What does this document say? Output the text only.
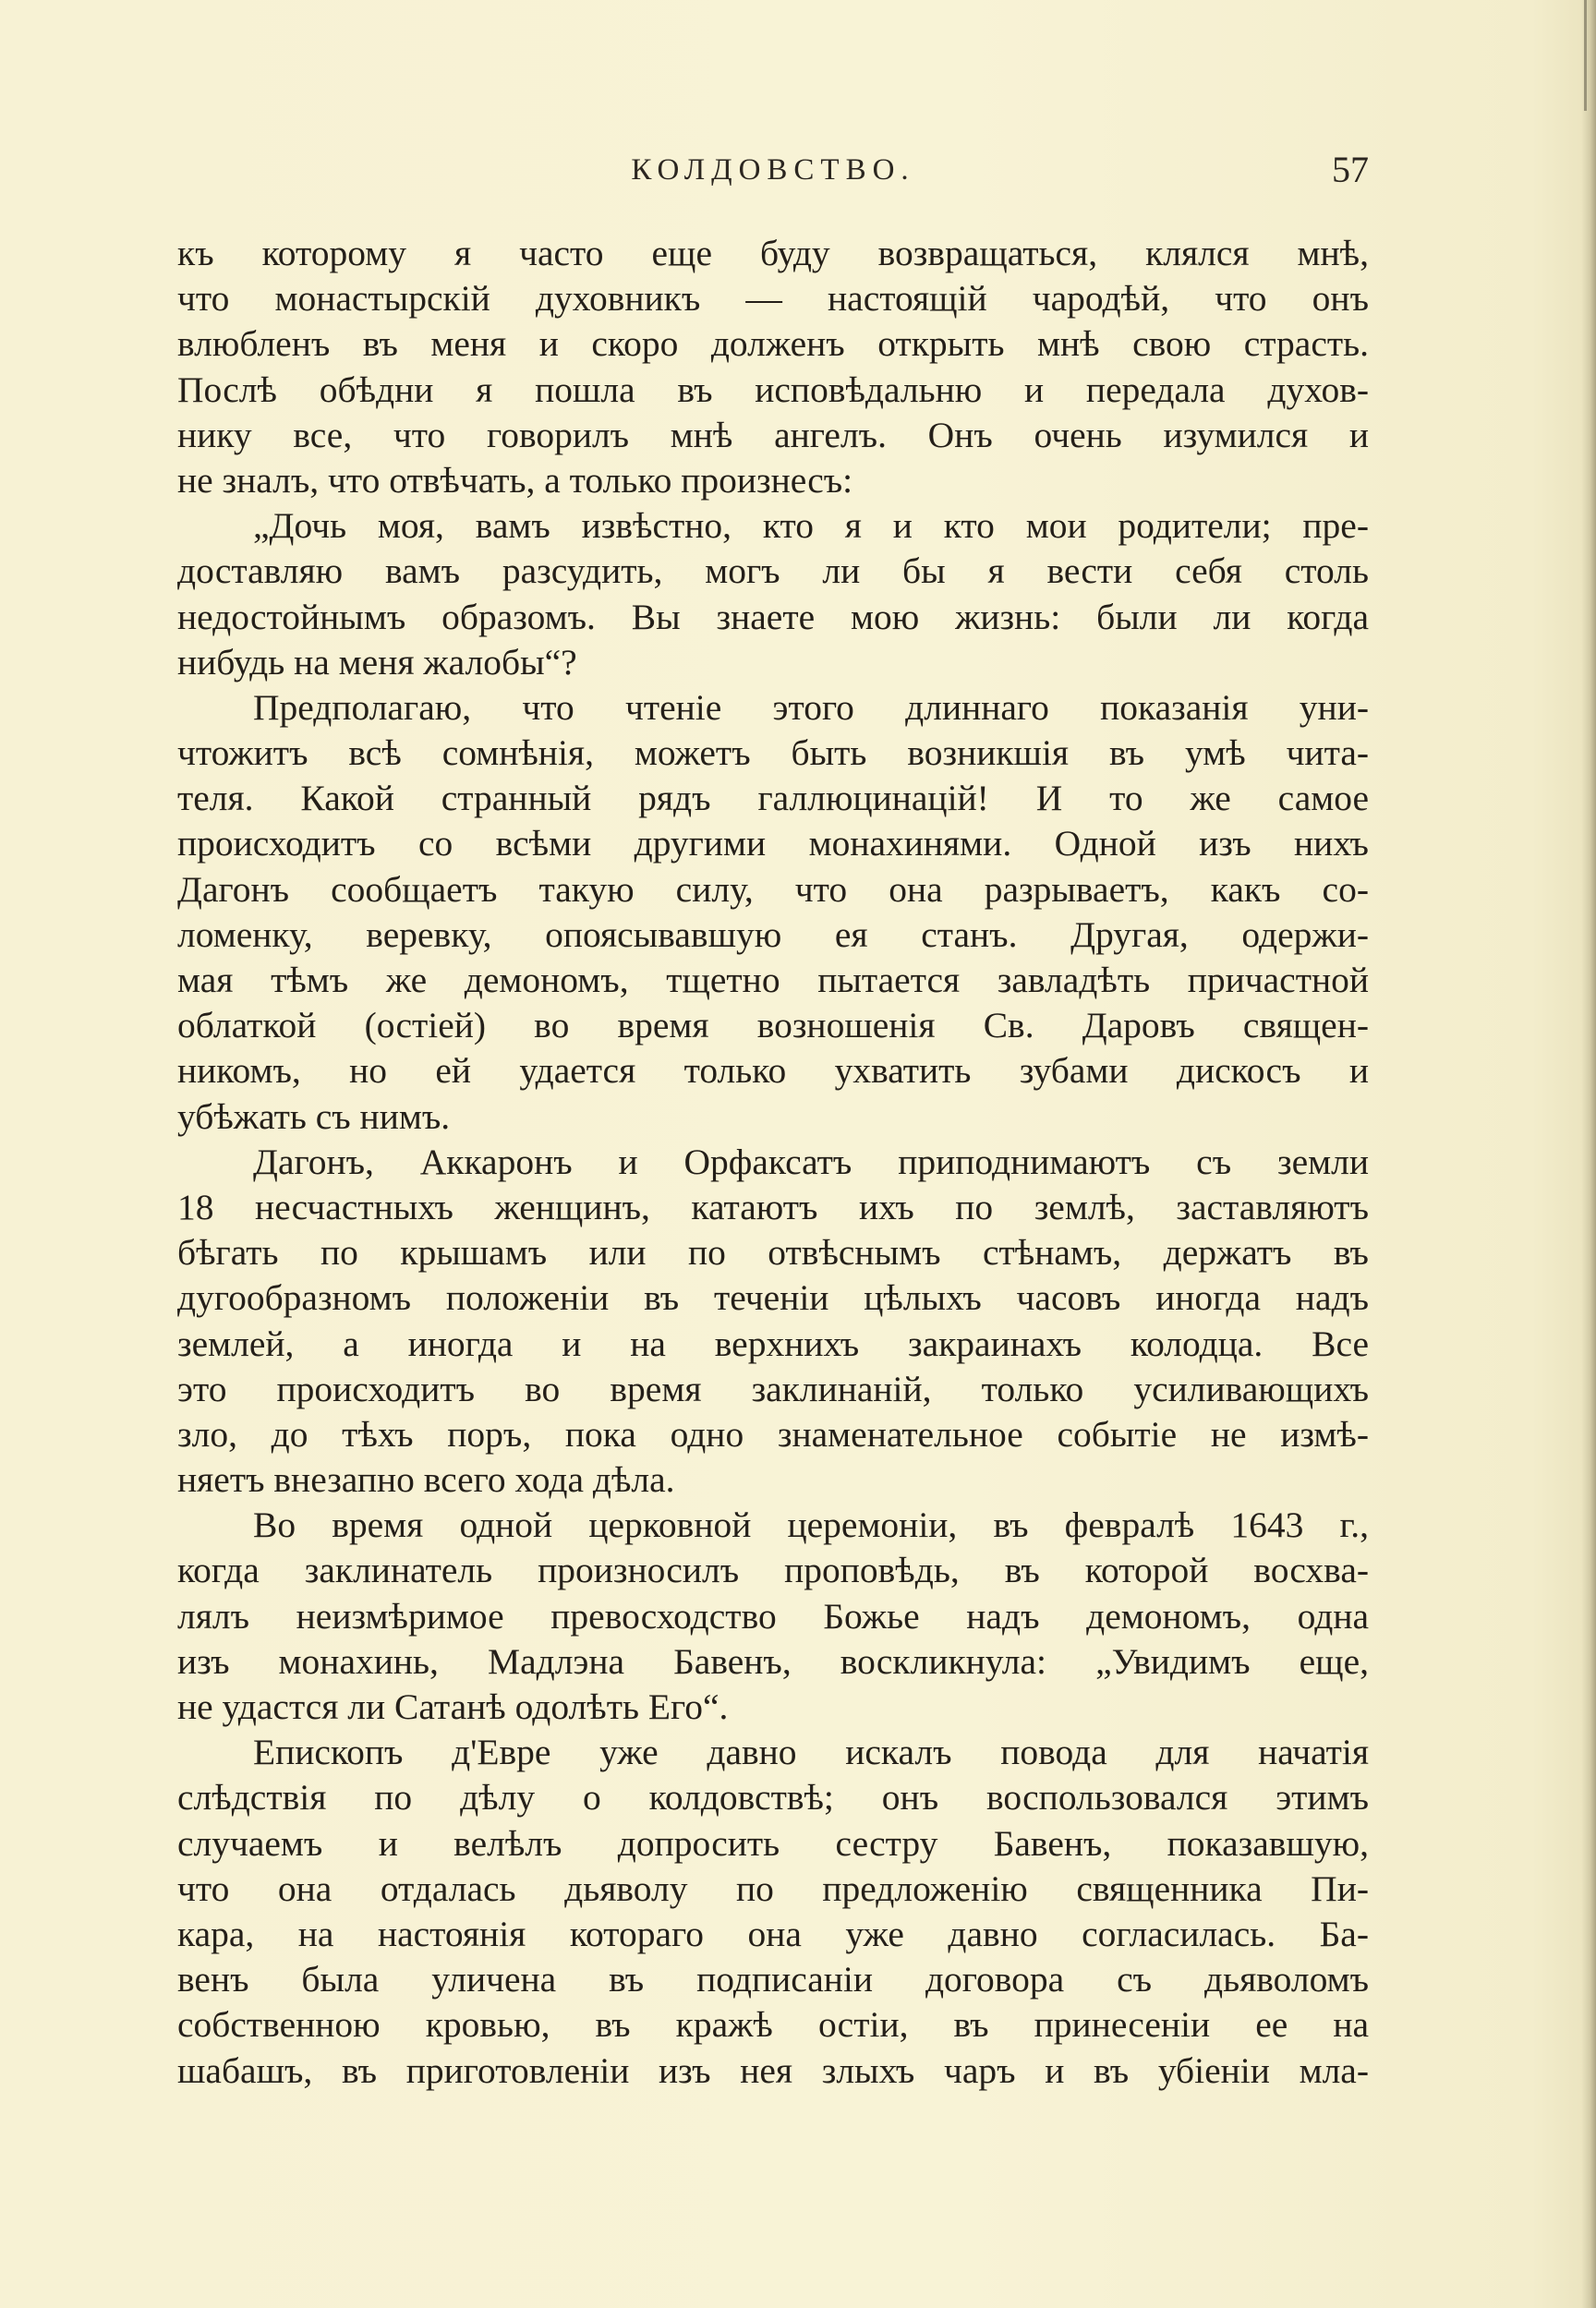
КОЛДОВСТВО.	57
къ которому я часто еще буду возвращаться, клялся мнѣ,
что монастырскій духовникъ — настоящій чародѣй, что онъ
влюбленъ въ меня и скоро долженъ открыть мнѣ свою страсть.
Послѣ обѣдни я пошла въ исповѣдальню и передала духов-
нику все, что говорилъ мнѣ ангелъ. Онъ очень изумился и
не зналъ, что отвѣчать, а только произнесъ:
„Дочь моя, вамъ извѣстно, кто я и кто мои родители; пре-
доставляю вамъ разсудить, могъ ли бы я вести себя столь
недостойнымъ образомъ. Вы знаете мою жизнь: были ли когда
нибудь на меня жалобы“?
Предполагаю, что чтеніе этого длиннаго показанія уни-
чтожитъ всѣ сомнѣнія, можетъ быть возникшія въ умѣ чита-
теля. Какой странный рядъ галлюцинацій! И то же самое
происходитъ со всѣми другими монахинями. Одной изъ нихъ
Дагонъ сообщаетъ такую силу, что она разрываетъ, какъ со-
ломенку, веревку, опоясывавшую ея станъ. Другая, одержи-
мая тѣмъ же демономъ, тщетно пытается завладѣть причастной
облаткой (остіей) во время возношенія Св. Даровъ священ-
никомъ, но ей удается только ухватить зубами дискосъ и
убѣжать съ нимъ.
Дагонъ, Аккаронъ и Орфаксатъ приподнимаютъ съ земли
18 несчастныхъ женщинъ, катаютъ ихъ по землѣ, заставляютъ
бѣгать по крышамъ или по отвѣснымъ стѣнамъ, держатъ въ
дугообразномъ положеніи въ теченіи цѣлыхъ часовъ иногда надъ
землей, а иногда и на верхнихъ закраинахъ колодца. Все
это происходитъ во время заклинаній, только усиливающихъ
зло, до тѣхъ поръ, пока одно знаменательное событіе не измѣ-
няетъ внезапно всего хода дѣла.
Во время одной церковной церемоніи, въ февралѣ 1643 г.,
когда заклинатель произносилъ проповѣдь, въ которой восхва-
лялъ неизмѣримое превосходство Божье надъ демономъ, одна
изъ монахинь, Мадлэна Бавенъ, воскликнула: „Увидимъ еще,
не удастся ли Сатанѣ одолѣть Его“.
Епископъ д'Евре уже давно искалъ повода для начатія
слѣдствія по дѣлу о колдовствѣ; онъ воспользовался этимъ
случаемъ и велѣлъ допросить сестру Бавенъ, показавшую,
что она отдалась дьяволу по предложенію священника Пи-
кара, на настоянія котораго она уже давно согласилась. Ба-
венъ была уличена въ подписаніи договора съ дьяволомъ
собственною кровью, въ кражѣ остіи, въ принесеніи ее на
шабашъ, въ приготовленіи изъ нея злыхъ чаръ и въ убіеніи мла-
